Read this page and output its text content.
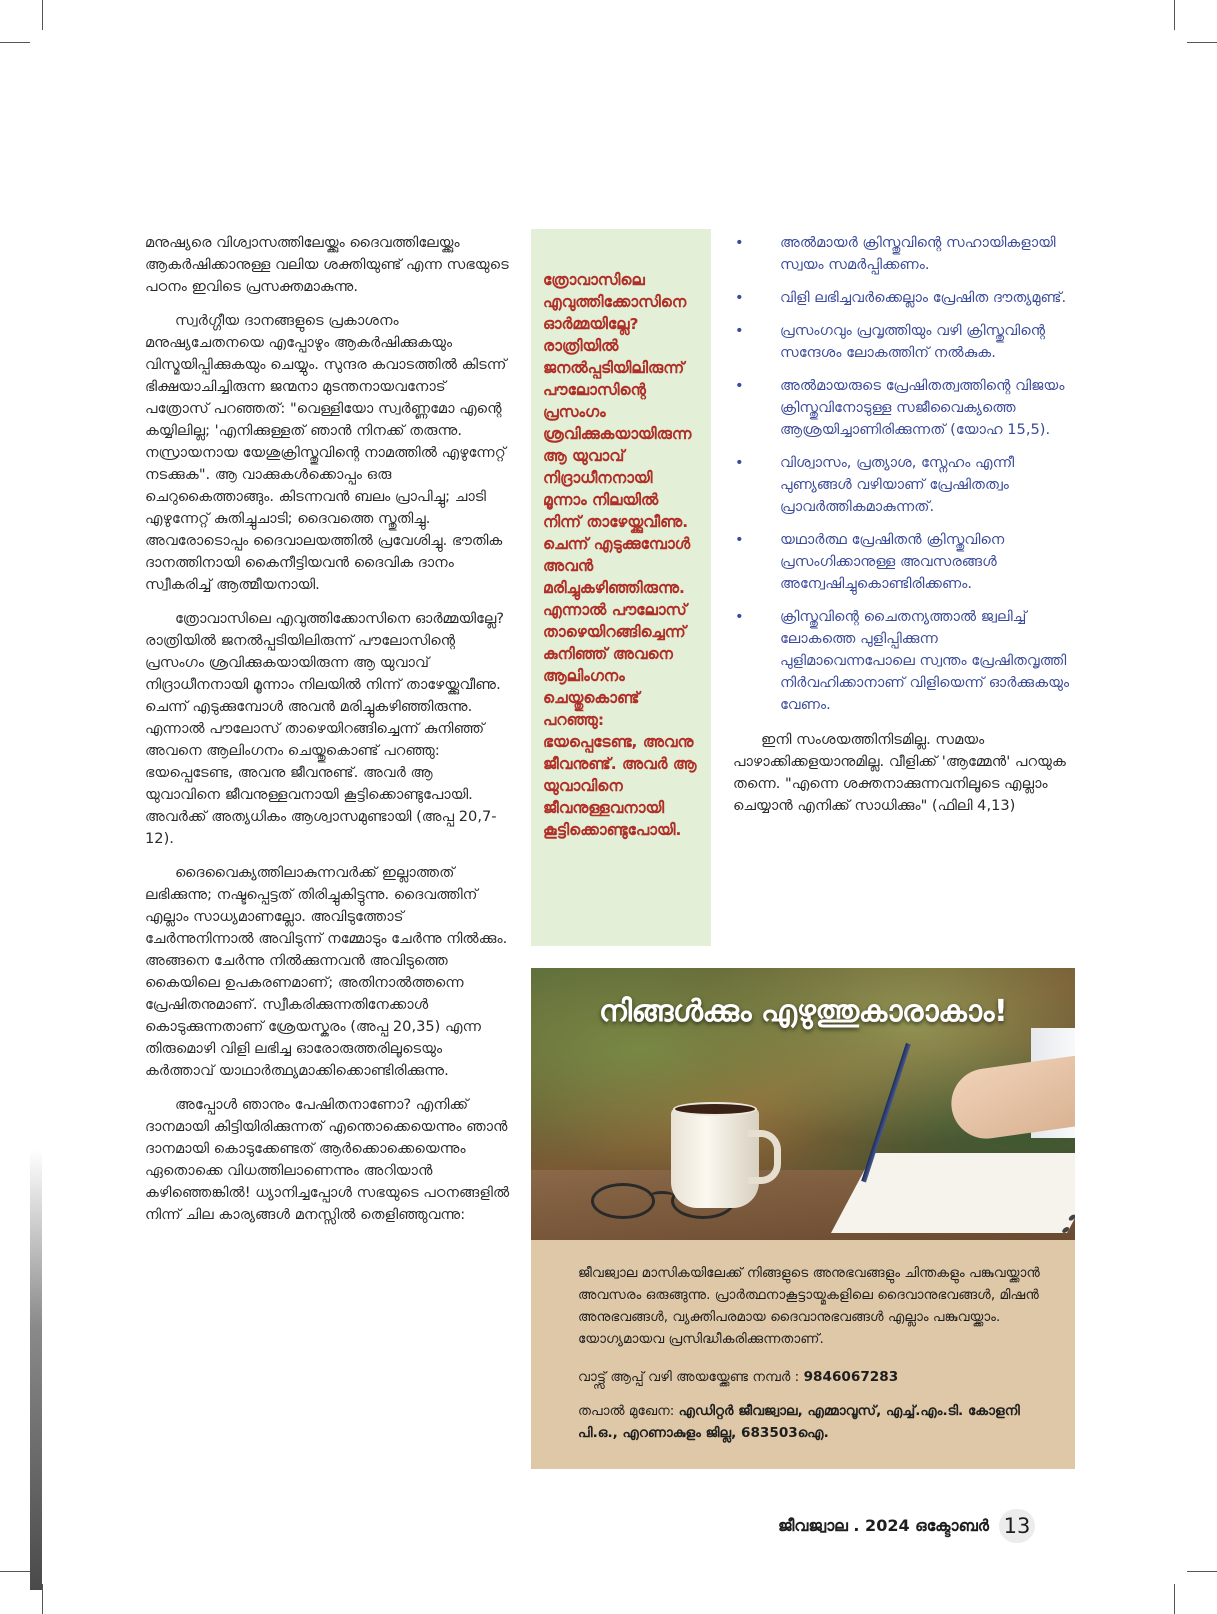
മനുഷ്യരെ വിശ്വാസത്തിലേയ്ക്കും ദൈവത്തിലേയ്ക്കും ആകർഷിക്കാനുള്ള വലിയ ശക്തിയുണ്ട് എന്ന സഭയുടെ പഠനം ഇവിടെ പ്രസക്തമാകുന്നു.

സ്വർഗ്ഗീയ ദാനങ്ങളുടെ പ്രകാശനം മനുഷ്യചേതനയെ എപ്പോഴും ആകർഷിക്കുകയും വിസ്മയിപ്പിക്കുകയും ചെയ്യും. സുന്ദര കവാടത്തിൽ കിടന്ന് ഭിക്ഷയാചിച്ചിരുന്ന ജന്മനാ മുടന്തനായവനോട് പത്രോസ് പറഞ്ഞത്: "വെള്ളിയോ സ്വർണ്ണമോ എന്റെ കയ്യിലില്ല; 'എനിക്കുള്ളത് ഞാൻ നിനക്ക് തരുന്നു. നസ്രായനായ യേശുക്രിസ്തുവിന്റെ നാമത്തിൽ എഴുന്നേറ്റ് നടക്കുക". ആ വാക്കുകൾക്കൊപ്പം ഒരു ചെറുകൈത്താങ്ങും. കിടന്നവൻ ബലം പ്രാപിച്ചു; ചാടി എഴുന്നേറ്റ് കുതിച്ചുചാടി; ദൈവത്തെ സ്തുതിച്ചു. അവരോടൊപ്പം ദൈവാലയത്തിൽ പ്രവേശിച്ചു. ഭൗതിക ദാനത്തിനായി കൈനീട്ടിയവൻ ദൈവിക ദാനം സ്വീകരിച്ച് ആത്മീയനായി.

ത്രോവാസിലെ എവുത്തിക്കോസിനെ ഓർമ്മയില്ലേ? രാത്രിയിൽ ജനൽപ്പടിയിലിരുന്ന് പൗലോസിന്റെ പ്രസംഗം ശ്രവിക്കുകയായിരുന്ന ആ യുവാവ് നിദ്രാധീനനായി മൂന്നാം നിലയിൽ നിന്ന് താഴേയ്ക്കുവീണു. ചെന്ന് എടുക്കുമ്പോൾ അവൻ മരിച്ചുകഴിഞ്ഞിരുന്നു. എന്നാൽ പൗലോസ് താഴെയിറങ്ങിച്ചെന്ന് കുനിഞ്ഞ് അവനെ ആലിംഗനം ചെയ്തുകൊണ്ട് പറഞ്ഞു: ഭയപ്പെടേണ്ട, അവനു ജീവനുണ്ട്. അവർ ആ യുവാവിനെ ജീവനുള്ളവനായി കൂട്ടിക്കൊണ്ടുപോയി. അവർക്ക് അത്യധികം ആശ്വാസമുണ്ടായി (അപ്പ 20,7-12).

ദൈവൈക്യത്തിലാകുന്നവർക്ക് ഇല്ലാത്തത് ലഭിക്കുന്നു; നഷ്ടപ്പെട്ടത് തിരിച്ചുകിട്ടുന്നു. ദൈവത്തിന് എല്ലാം സാധ്യമാണല്ലോ. അവിടുത്തോട് ചേർന്നുനിന്നാൽ അവിടുന്ന് നമ്മോടും ചേർന്നു നിൽക്കും. അങ്ങനെ ചേർന്നു നിൽക്കുന്നവൻ അവിടുത്തെ കൈയിലെ ഉപകരണമാണ്; അതിനാൽത്തന്നെ പ്രേഷിതനുമാണ്. സ്വീകരിക്കുന്നതിനേക്കാൾ കൊടുക്കുന്നതാണ് ശ്രേയസ്കരം (അപ്പ 20,35) എന്ന തിരുമൊഴി വിളി ലഭിച്ച ഓരോരുത്തരിലൂടെയും കർത്താവ് യാഥാർത്ഥ്യമാക്കിക്കൊണ്ടിരിക്കുന്നു.

അപ്പോൾ ഞാനും പേഷിതനാണോ? എനിക്ക് ദാനമായി കിട്ടിയിരിക്കുന്നത് എന്തൊക്കെയെന്നും ഞാൻ ദാനമായി കൊടുക്കേണ്ടത് ആർക്കൊക്കെയെന്നും ഏതൊക്കെ വിധത്തിലാണെന്നും അറിയാൻ കഴിഞ്ഞെങ്കിൽ! ധ്യാനിച്ചപ്പോൾ സഭയുടെ പഠനങ്ങളിൽ നിന്ന് ചില കാര്യങ്ങൾ മനസ്സിൽ തെളിഞ്ഞുവന്നു:

ത്രോവാസിലെ എവുത്തിക്കോസിനെ ഓർമ്മയില്ലേ? രാത്രിയിൽ ജനൽപ്പടിയിലിരുന്ന് പൗലോസിന്റെ പ്രസംഗം ശ്രവിക്കുകയായിരുന്ന ആ യുവാവ് നിദ്രാധീനനായി മൂന്നാം നിലയിൽ നിന്ന് താഴേയ്ക്കുവീണു. ചെന്ന് എടുക്കുമ്പോൾ അവൻ മരിച്ചുകഴിഞ്ഞിരുന്നു. എന്നാൽ പൗലോസ് താഴെയിറങ്ങിച്ചെന്ന് കുനിഞ്ഞ് അവനെ ആലിംഗനം ചെയ്തുകൊണ്ട് പറഞ്ഞു: ഭയപ്പെടേണ്ട, അവനു ജീവനുണ്ട്. അവർ ആ യുവാവിനെ ജീവനുള്ളവനായി കൂട്ടിക്കൊണ്ടുപോയി.
• അൽമായർ ക്രിസ്തുവിന്റെ സഹായികളായി സ്വയം സമർപ്പിക്കണം.
• വിളി ലഭിച്ചവർക്കെല്ലാം പ്രേഷിത ദൗത്യമുണ്ട്.
• പ്രസംഗവും പ്രവൃത്തിയും വഴി ക്രിസ്തുവിന്റെ സന്ദേശം ലോകത്തിന് നൽകുക.
• അൽമായരുടെ പ്രേഷിതത്വത്തിന്റെ വിജയം ക്രിസ്തുവിനോടുള്ള സജീവൈക്യത്തെ ആശ്രയിച്ചാണിരിക്കുന്നത് (യോഹ 15,5).
• വിശ്വാസം, പ്രത്യാശ, സ്നേഹം എന്നീ പുണ്യങ്ങൾ വഴിയാണ് പ്രേഷിതത്വം പ്രാവർത്തികമാകുന്നത്.
• യഥാർത്ഥ പ്രേഷിതൻ ക്രിസ്തുവിനെ പ്രസംഗിക്കാനുള്ള അവസരങ്ങൾ അന്വേഷിച്ചുകൊണ്ടിരിക്കണം.
• ക്രിസ്തുവിന്റെ ചൈതന്യത്താൽ ജ്വലിച്ച് ലോകത്തെ പുളിപ്പിക്കുന്ന പുളിമാവെന്നപോലെ സ്വന്തം പ്രേഷിതവൃത്തി നിർവഹിക്കാനാണ് വിളിയെന്ന് ഓർക്കുകയും വേണം.

ഇനി സംശയത്തിനിടമില്ല. സമയം പാഴാക്കിക്കളയാനുമില്ല. വീളിക്ക് 'ആമ്മേൻ' പറയുക തന്നെ. "എന്നെ ശക്തനാക്കുന്നവനിലൂടെ എല്ലാം ചെയ്യാൻ എനിക്ക് സാധിക്കും" (ഫിലി 4,13)

നിങ്ങൾക്കും എഴുത്തുകാരാകാം!

ജീവജ്വാല മാസികയിലേക്ക് നിങ്ങളുടെ അനുഭവങ്ങളും ചിന്തകളും പങ്കുവയ്ക്കാൻ അവസരം ഒരുങ്ങുന്നു. പ്രാർത്ഥനാകൂട്ടായ്മകളിലെ ദൈവാനുഭവങ്ങൾ, മിഷൻ അനുഭവങ്ങൾ, വ്യക്തിപരമായ ദൈവാനുഭവങ്ങൾ എല്ലാം പങ്കുവയ്ക്കാം. യോഗ്യമായവ പ്രസിദ്ധീകരിക്കുന്നതാണ്.

വാട്ട്സ് ആപ്പ് വഴി അയയ്ക്കേണ്ട നമ്പർ : 9846067283

തപാൽ മുഖേന: എഡിറ്റർ ജീവജ്വാല, എമ്മാവൂസ്, എച്ച്.എം.ടി. കോളനി പി.ഒ., എറണാകുളം ജില്ല, 683503ഐ.

ജീവജ്വാല . 2024 ഒക്ടോബർ 13
